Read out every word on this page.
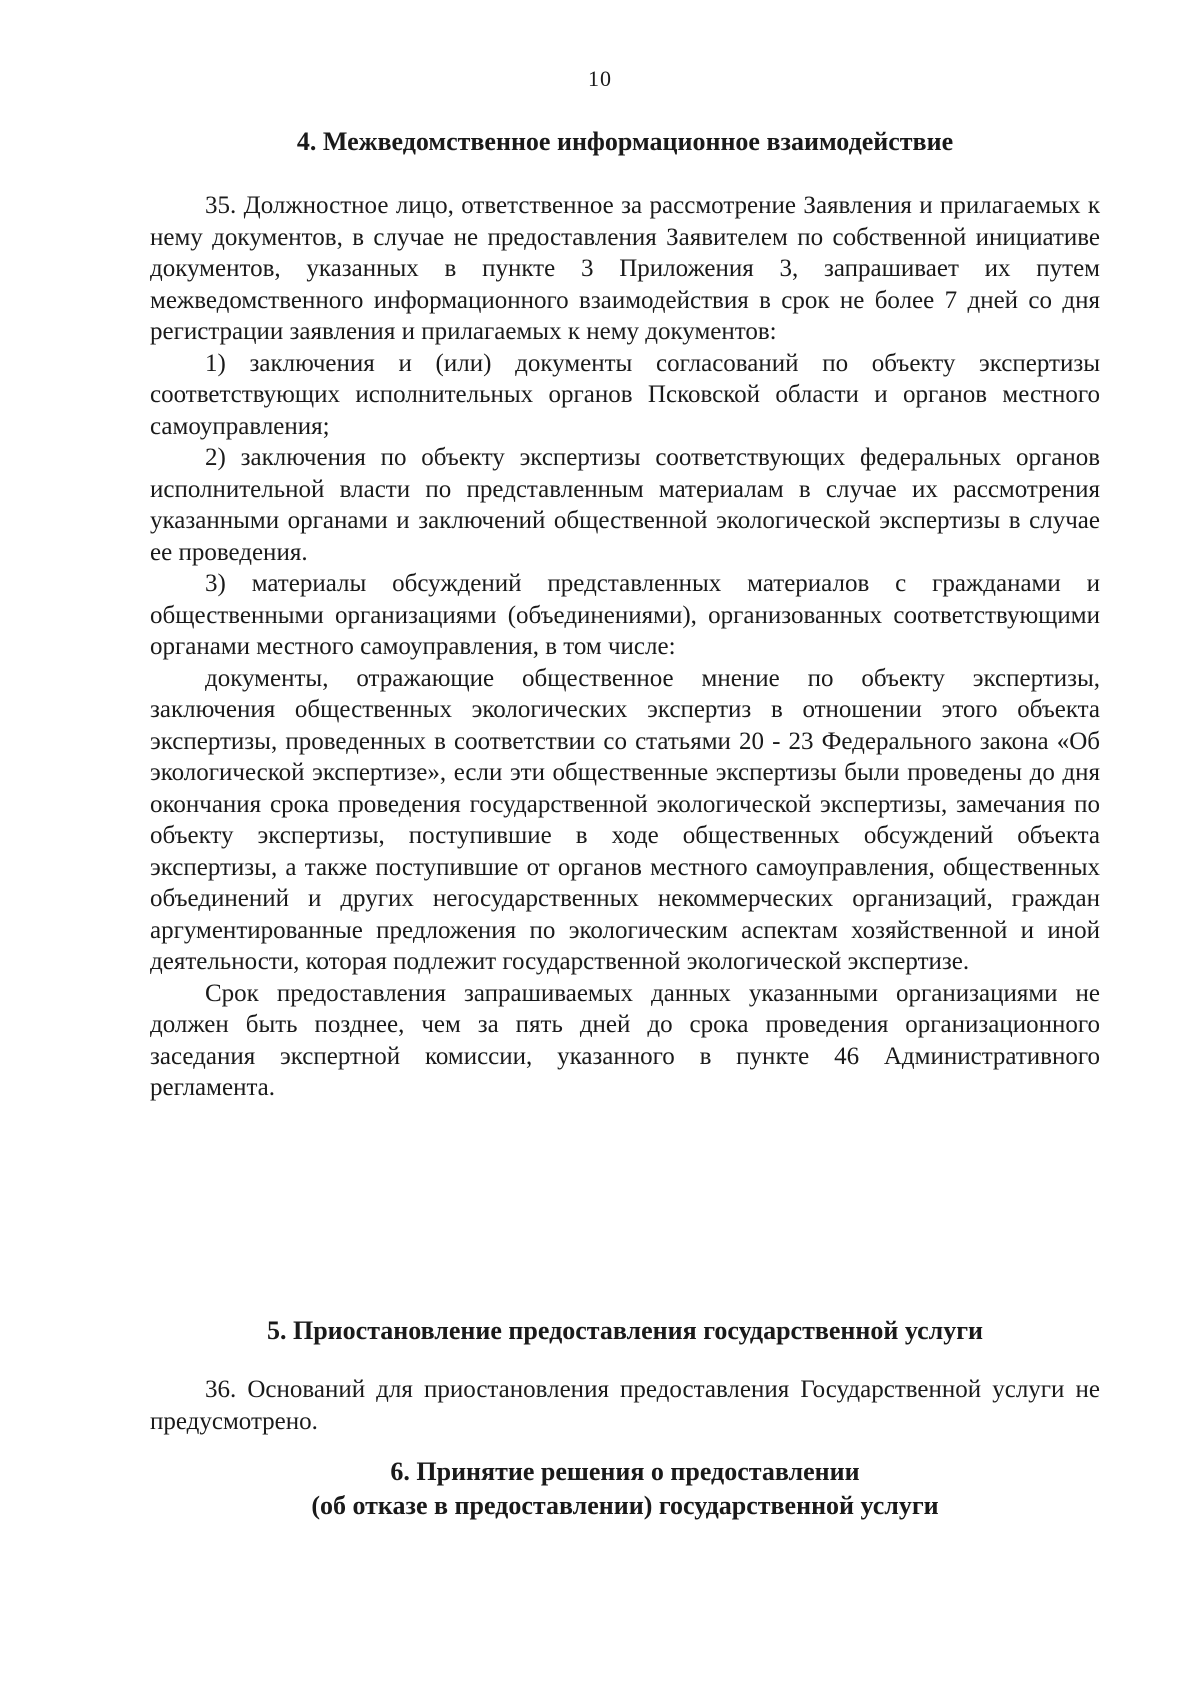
10
4. Межведомственное информационное взаимодействие

35. Должностное лицо, ответственное за рассмотрение Заявления и прилагаемых к нему документов, в случае не предоставления Заявителем по собственной инициативе документов, указанных в пункте 3 Приложения 3, запрашивает их путем межведомственного информационного взаимодействия в срок не более 7 дней со дня регистрации заявления и прилагаемых к нему документов:

1) заключения и (или) документы согласований по объекту экспертизы соответствующих исполнительных органов Псковской области и органов местного самоуправления;

2) заключения по объекту экспертизы соответствующих федеральных органов исполнительной власти по представленным материалам в случае их рассмотрения указанными органами и заключений общественной экологической экспертизы в случае ее проведения.

3) материалы обсуждений представленных материалов с гражданами и общественными организациями (объединениями), организованных соответствующими органами местного самоуправления, в том числе:

документы, отражающие общественное мнение по объекту экспертизы, заключения общественных экологических экспертиз в отношении этого объекта экспертизы, проведенных в соответствии со статьями 20 - 23 Федерального закона «Об экологической экспертизе», если эти общественные экспертизы были проведены до дня окончания срока проведения государственной экологической экспертизы, замечания по объекту экспертизы, поступившие в ходе общественных обсуждений объекта экспертизы, а также поступившие от органов местного самоуправления, общественных объединений и других негосударственных некоммерческих организаций, граждан аргументированные предложения по экологическим аспектам хозяйственной и иной деятельности, которая подлежит государственной экологической экспертизе.

Срок предоставления запрашиваемых данных указанными организациями не должен быть позднее, чем за пять дней до срока проведения организационного заседания экспертной комиссии, указанного в пункте 46 Административного регламента.

5. Приостановление предоставления государственной услуги

36. Оснований для приостановления предоставления Государственной услуги не предусмотрено.

6. Принятие решения о предоставлении
(об отказе в предоставлении) государственной услуги
